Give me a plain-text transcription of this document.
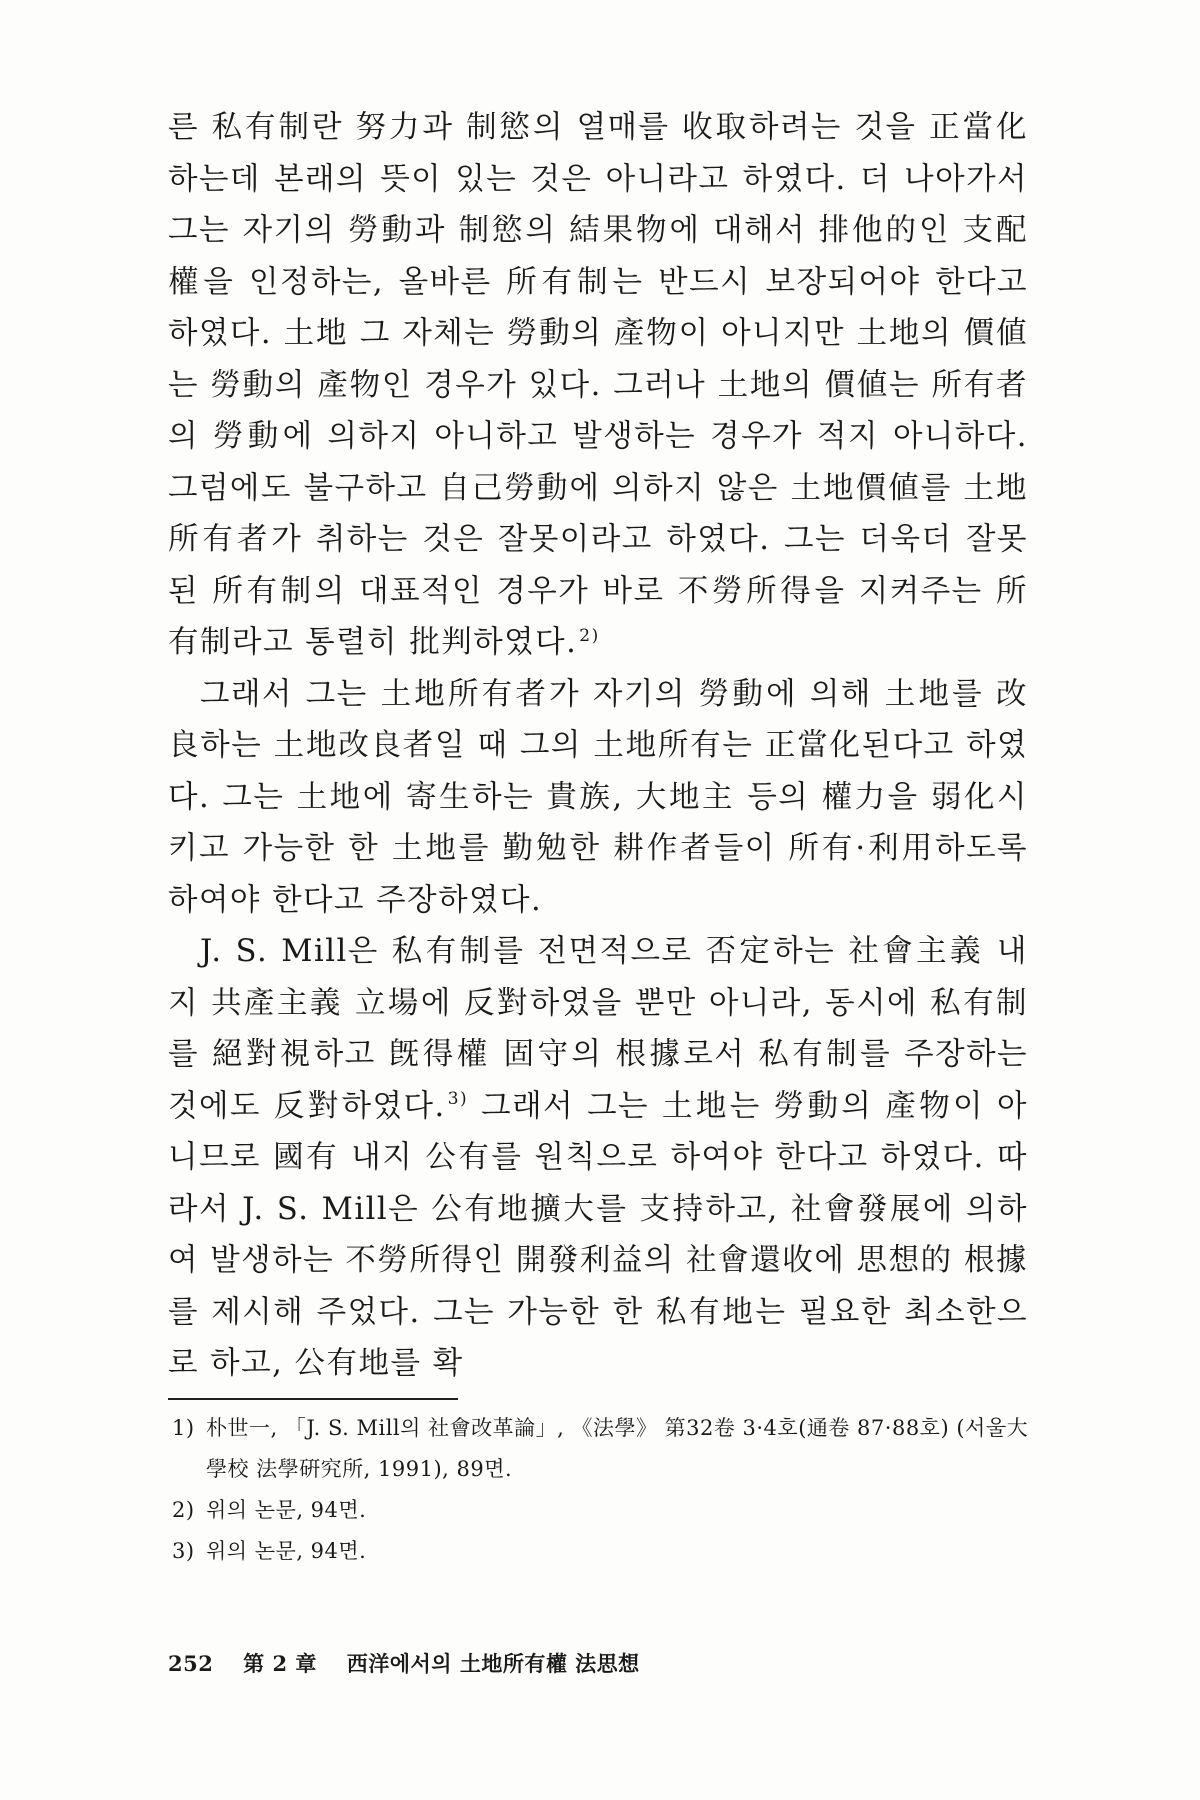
른 私有制란 努力과 制慾의 열매를 收取하려는 것을 正當化하는데 본래의 뜻이 있는 것은 아니라고 하였다. 더 나아가서 그는 자기의 勞動과 制慾의 結果物에 대해서 排他的인 支配權을 인정하는, 올바른 所有制는 반드시 보장되어야 한다고 하였다. 土地 그 자체는 勞動의 產物이 아니지만 土地의 價値는 勞動의 產物인 경우가 있다. 그러나 土地의 價値는 所有者의 勞動에 의하지 아니하고 발생하는 경우가 적지 아니하다. 그럼에도 불구하고 自己勞動에 의하지 않은 土地價値를 土地所有者가 취하는 것은 잘못이라고 하였다. 그는 더욱더 잘못된 所有制의 대표적인 경우가 바로 不勞所得을 지켜주는 所有制라고 통렬히 批判하였다. $^{2)}$

그래서 그는 土地所有者가 자기의 勞動에 의해 土地를 改良하는 土地改良者일 때 그의 土地所有는 正當化된다고 하였다. 그는 土地에 寄生하는 貴族, 大地主 등의 權力을 弱化시키고 가능한 한 土地를 勤勉한 耕作者들이 所有·利用하도록 하여야 한다고 주장하였다.

J. S. Mill은 私有制를 전면적으로 否定하는 社會主義 내지 共產主義 立場에 反對하였을 뿐만 아니라, 동시에 私有制를 絕對視하고 旣得權 固守의 根據로서 私有制를 주장하는 것에도 反對하였다. $^{3)}$ 그래서 그는 土地는 勞動의 產物이 아니므로 國有 내지 公有를 원칙으로 하여야 한다고 하였다. 따라서 J. S. Mill은 公有地擴大를 支持하고, 社會發展에 의하여 발생하는 不勞所得인 開發利益의 社會還收에 思想的 根據를 제시해 주었다. 그는 가능한 한 私有地는 필요한 최소한으로 하고, 公有地를 확

1) 朴世一, 「J. S. Mill의 社會改革論」, 《法學》 第32卷 3·4호(通卷 87·88호) (서울大學校 法學硏究所, 1991), 89면.
2) 위의 논문, 94면.
3) 위의 논문, 94면.
252 第 2 章 西洋에서의 土地所有權 法思想
